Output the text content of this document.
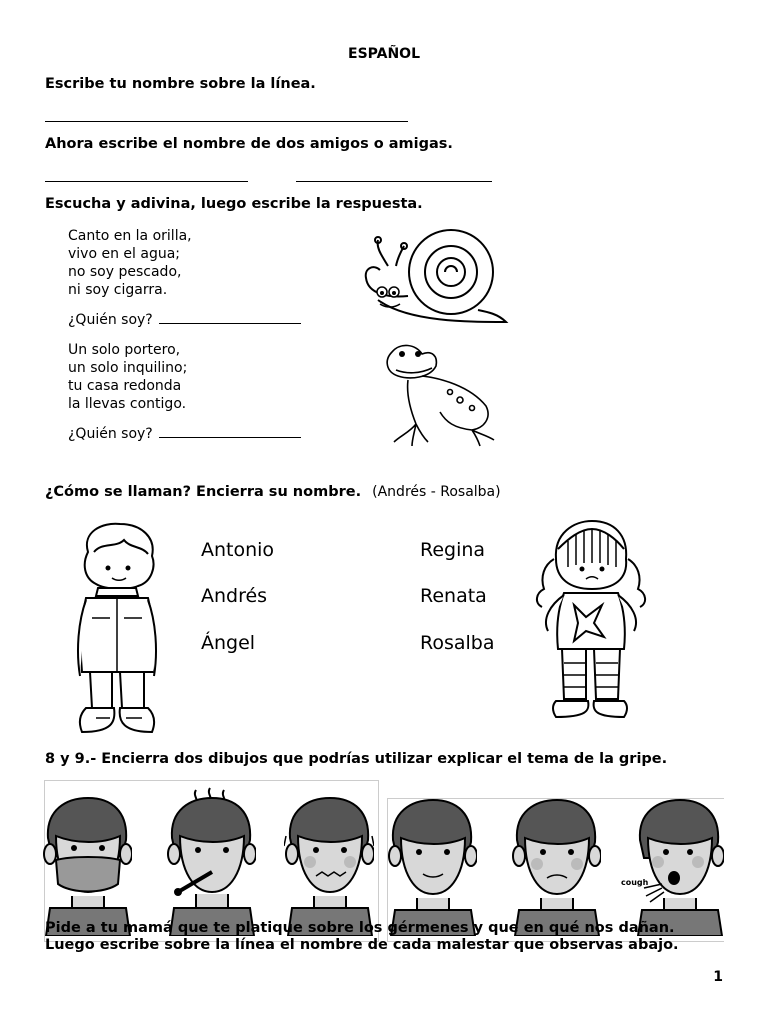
ESPAÑOL
Escribe tu nombre sobre la línea.
Ahora escribe el nombre de dos amigos o amigas.
Escucha y adivina, luego escribe la respuesta.
Canto en la orilla,
vivo en el agua;
no soy pescado,
ni soy cigarra.
¿Quién soy?
Un solo portero,
un solo inquilino;
tu casa redonda
la llevas contigo.
¿Quién soy?
¿Cómo se llaman? Encierra su nombre. (Andrés - Rosalba)
Antonio
Andrés
Ángel
Regina
Renata
Rosalba
8 y 9.- Encierra dos dibujos que podrías utilizar explicar el tema de la gripe.
cough
Pide a tu mamá que te platique sobre los gérmenes y que en qué nos dañan.
Luego escribe sobre la línea el nombre de cada malestar que observas abajo.
1
